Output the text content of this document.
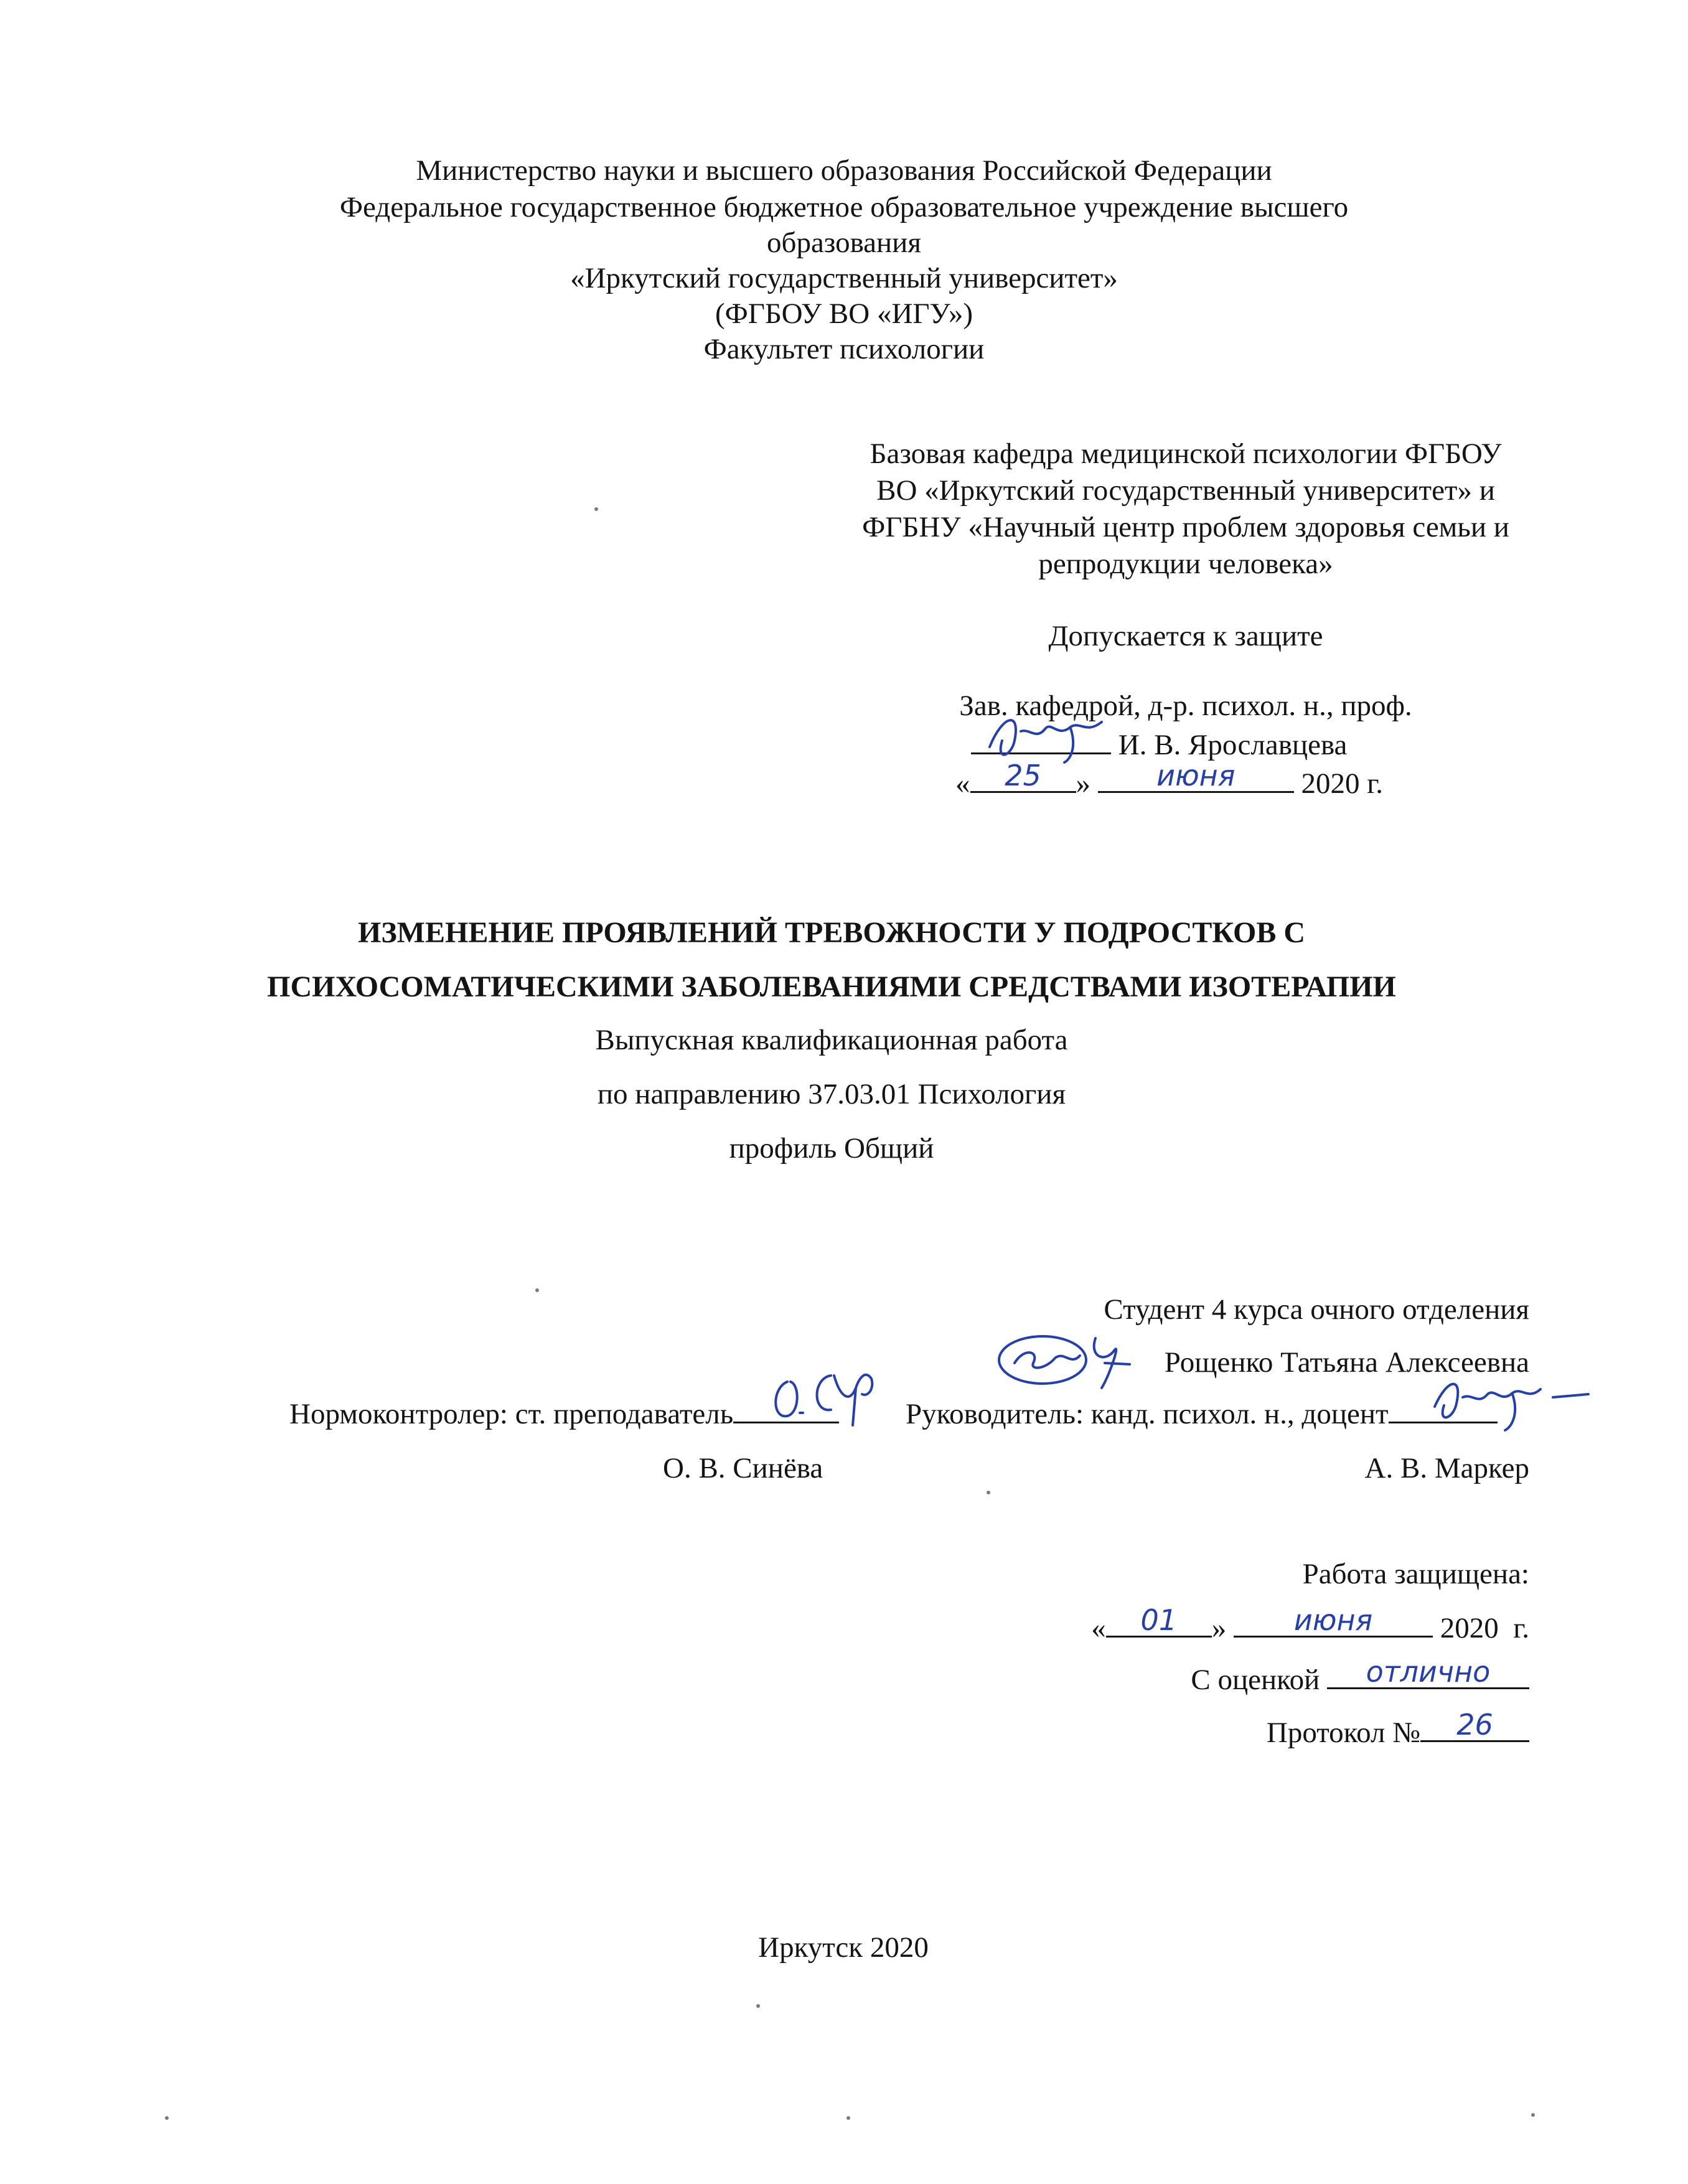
Министерство науки и высшего образования Российской Федерации
Федеральное государственное бюджетное образовательное учреждение высшего
образования
«Иркутский государственный университет»
(ФГБОУ ВО «ИГУ»)
Факультет психологии
Базовая кафедра медицинской психологии ФГБОУ
ВО «Иркутский государственный университет» и
ФГБНУ «Научный центр проблем здоровья семьи и
репродукции человека»
Допускается к защите
Зав. кафедрой, д-р. психол. н., проф.
И. В. Ярославцева
«	25	»	июня	2020 г.
ИЗМЕНЕНИЕ ПРОЯВЛЕНИЙ ТРЕВОЖНОСТИ У ПОДРОСТКОВ С
ПСИХОСОМАТИЧЕСКИМИ ЗАБОЛЕВАНИЯМИ СРЕДСТВАМИ ИЗОТЕРАПИИ
Выпускная квалификационная работа
по направлению 37.03.01 Психология
профиль Общий
Студент 4 курса очного отделения
Рощенко Татьяна Алексеевна
Нормоконтролер: ст. преподаватель
О. В. Синёва
Руководитель: канд. психол. н., доцент
А. В. Маркер
Работа защищена:
«	01	»	июня	2020  г.
С оценкой	отлично
Протокол №	26
Иркутск 2020
